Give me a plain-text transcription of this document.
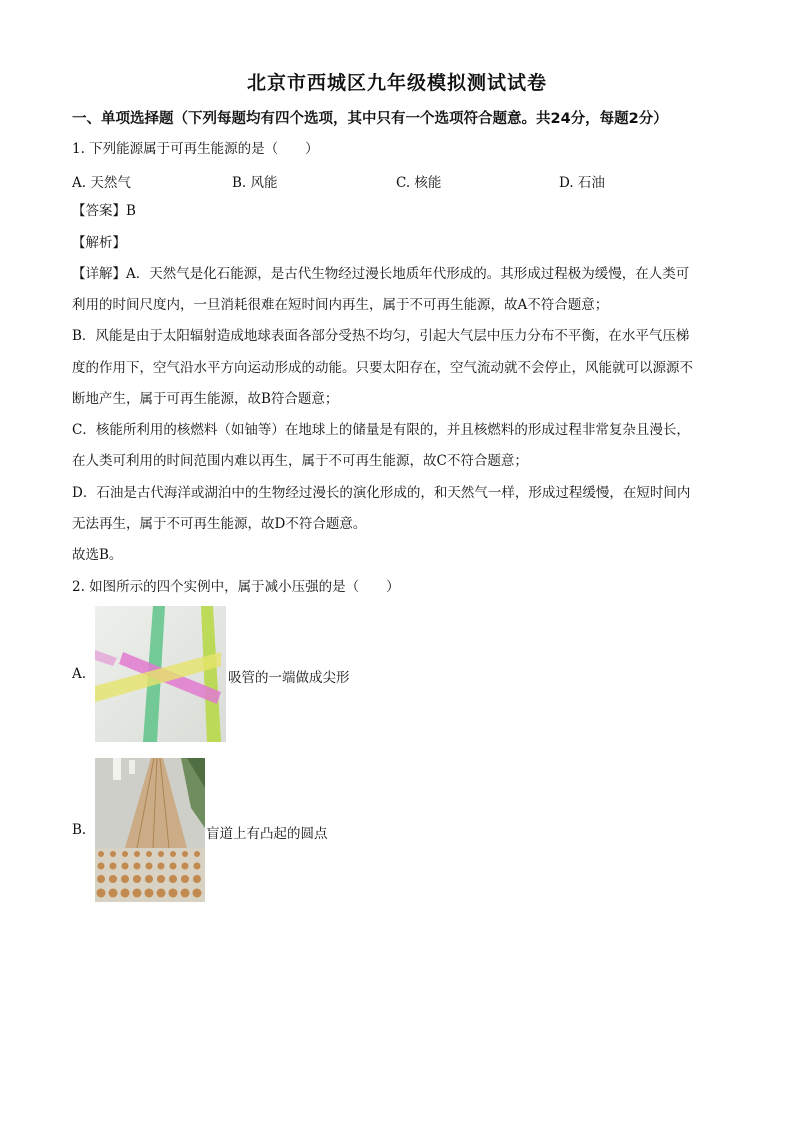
北京市西城区九年级模拟测试试卷
一、单项选择题（下列每题均有四个选项，其中只有一个选项符合题意。共24分，每题2分）
1. 下列能源属于可再生能源的是（　　）
A. 天然气	B. 风能	C. 核能	D. 石油
【答案】B
【解析】
【详解】A．天然气是化石能源，是古代生物经过漫长地质年代形成的。其形成过程极为缓慢，在人类可
利用的时间尺度内，一旦消耗很难在短时间内再生，属于不可再生能源，故A不符合题意；
B．风能是由于太阳辐射造成地球表面各部分受热不均匀，引起大气层中压力分布不平衡，在水平气压梯
度的作用下，空气沿水平方向运动形成的动能。只要太阳存在，空气流动就不会停止，风能就可以源源不
断地产生，属于可再生能源，故B符合题意；
C．核能所利用的核燃料（如铀等）在地球上的储量是有限的，并且核燃料的形成过程非常复杂且漫长，
在人类可利用的时间范围内难以再生，属于不可再生能源，故C不符合题意；
D．石油是古代海洋或湖泊中的生物经过漫长的演化形成的，和天然气一样，形成过程缓慢，在短时间内
无法再生，属于不可再生能源，故D不符合题意。
故选B。
2. 如图所示的四个实例中，属于减小压强的是（　　）
A.	吸管的一端做成尖形
B.	盲道上有凸起的圆点
